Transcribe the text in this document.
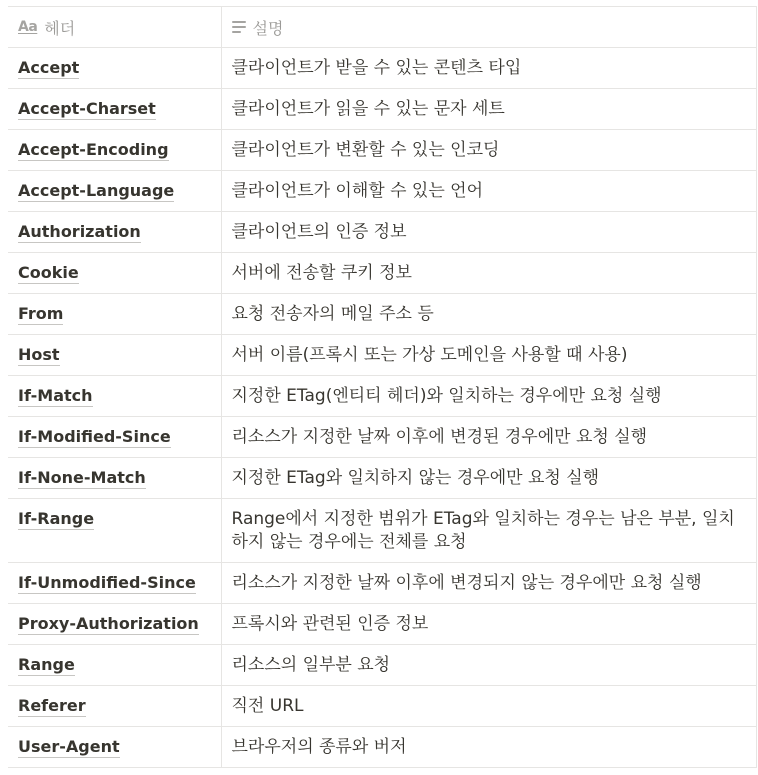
Aa 헤더	설명

Accept	클라이언트가 받을 수 있는 콘텐츠 타입

Accept-Charset	클라이언트가 읽을 수 있는 문자 세트

Accept-Encoding	클라이언트가 변환할 수 있는 인코딩

Accept-Language	클라이언트가 이해할 수 있는 언어

Authorization	클라이언트의 인증 정보

Cookie	서버에 전송할 쿠키 정보

From	요청 전송자의 메일 주소 등

Host	서버 이름(프록시 또는 가상 도메인을 사용할 때 사용)

If-Match	지정한 ETag(엔티티 헤더)와 일치하는 경우에만 요청 실행

If-Modified-Since	리소스가 지정한 날짜 이후에 변경된 경우에만 요청 실행

If-None-Match	지정한 ETag와 일치하지 않는 경우에만 요청 실행

If-Range	Range에서 지정한 범위가 ETag와 일치하는 경우는 남은 부분, 일치하지 않는 경우에는 전체를 요청

If-Unmodified-Since	리소스가 지정한 날짜 이후에 변경되지 않는 경우에만 요청 실행

Proxy-Authorization	프록시와 관련된 인증 정보

Range	리소스의 일부분 요청

Referer	직전 URL

User-Agent	브라우저의 종류와 버저
